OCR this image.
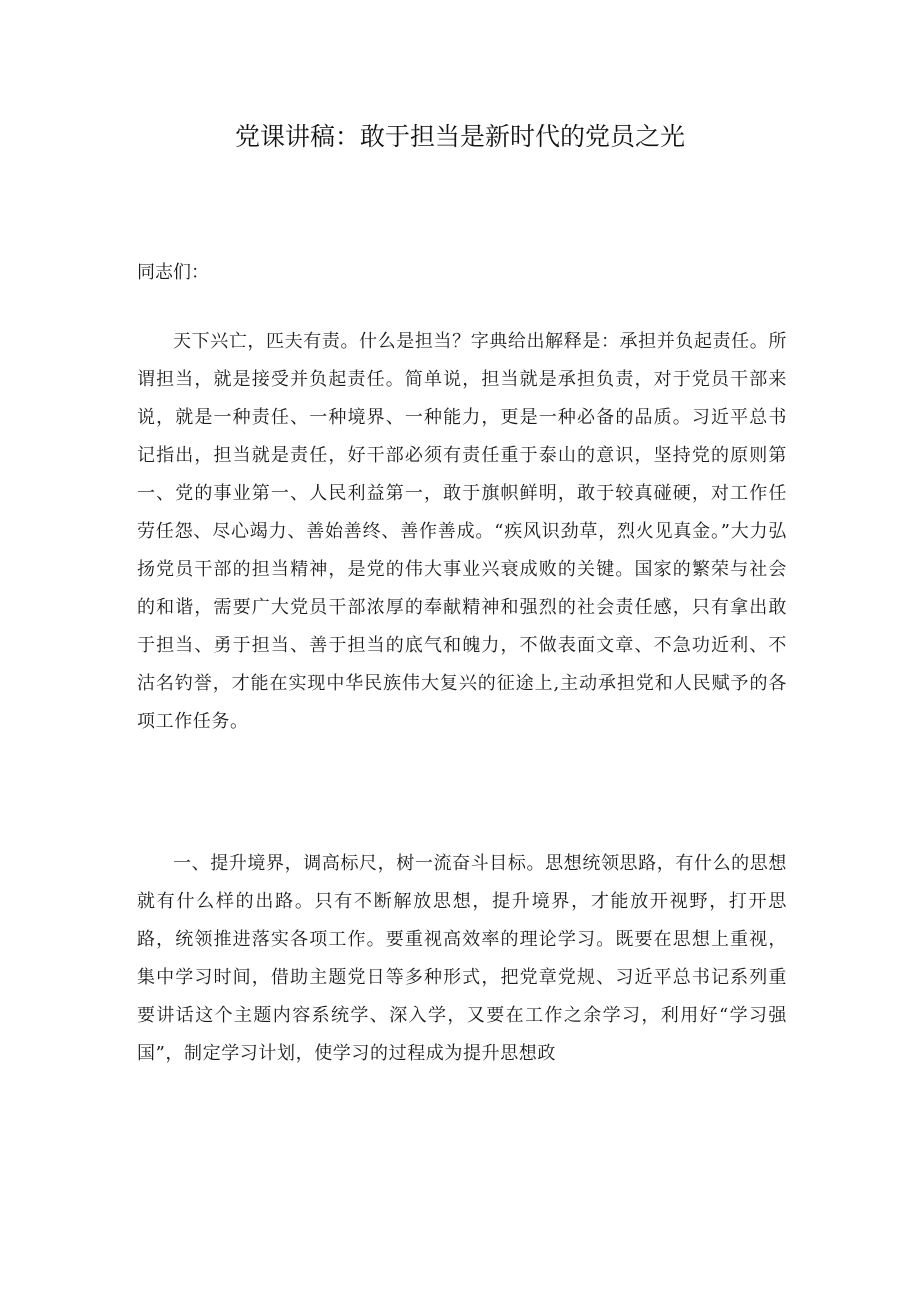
党课讲稿：敢于担当是新时代的党员之光

同志们：

天下兴亡，匹夫有责。什么是担当？字典给出解释是：承担并负起责任。所谓担当，就是接受并负起责任。简单说，担当就是承担负责，对于党员干部来说，就是一种责任、一种境界、一种能力，更是一种必备的品质。习近平总书记指出，担当就是责任，好干部必须有责任重于泰山的意识，坚持党的原则第一、党的事业第一、人民利益第一，敢于旗帜鲜明，敢于较真碰硬，对工作任劳任怨、尽心竭力、善始善终、善作善成。“疾风识劲草，烈火见真金。”大力弘扬党员干部的担当精神，是党的伟大事业兴衰成败的关键。国家的繁荣与社会的和谐，需要广大党员干部浓厚的奉献精神和强烈的社会责任感，只有拿出敢于担当、勇于担当、善于担当的底气和魄力，不做表面文章、不急功近利、不沽名钓誉，才能在实现中华民族伟大复兴的征途上,主动承担党和人民赋予的各项工作任务。

一、提升境界，调高标尺，树一流奋斗目标。思想统领思路，有什么的思想就有什么样的出路。只有不断解放思想，提升境界，才能放开视野，打开思路，统领推进落实各项工作。要重视高效率的理论学习。既要在思想上重视，集中学习时间，借助主题党日等多种形式，把党章党规、习近平总书记系列重要讲话这个主题内容系统学、深入学，又要在工作之余学习，利用好“学习强国”，制定学习计划，使学习的过程成为提升思想政
